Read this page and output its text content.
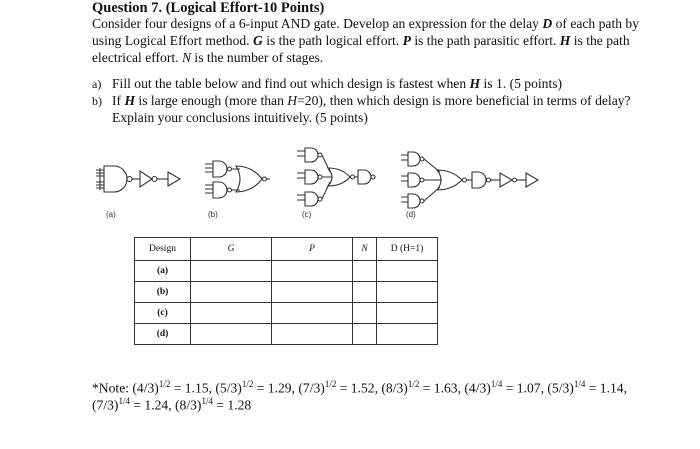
Question 7. (Logical Effort-10 Points)
Consider four designs of a 6-input AND gate. Develop an expression for the delay D of each path by using Logical Effort method. G is the path logical effort. P is the path parasitic effort. H is the path electrical effort. N is the number of stages.
a) Fill out the table below and find out which design is fastest when H is 1. (5 points)
b) If H is large enough (more than H=20), then which design is more beneficial in terms of delay?
Explain your conclusions intuitively. (5 points)
(a)	(b)	(c)	(d)
Design	G	P	N	D (H=1)
(a)				
(b)				
(c)				
(d)				
*Note: $(4/3)^{1/2} = 1.15$, $(5/3)^{1/2} = 1.29$, $(7/3)^{1/2} = 1.52$, $(8/3)^{1/2} = 1.63$, $(4/3)^{1/4} = 1.07$, $(5/3)^{1/4} = 1.14$,
$(7/3)^{1/4} = 1.24$, $(8/3)^{1/4} = 1.28$
